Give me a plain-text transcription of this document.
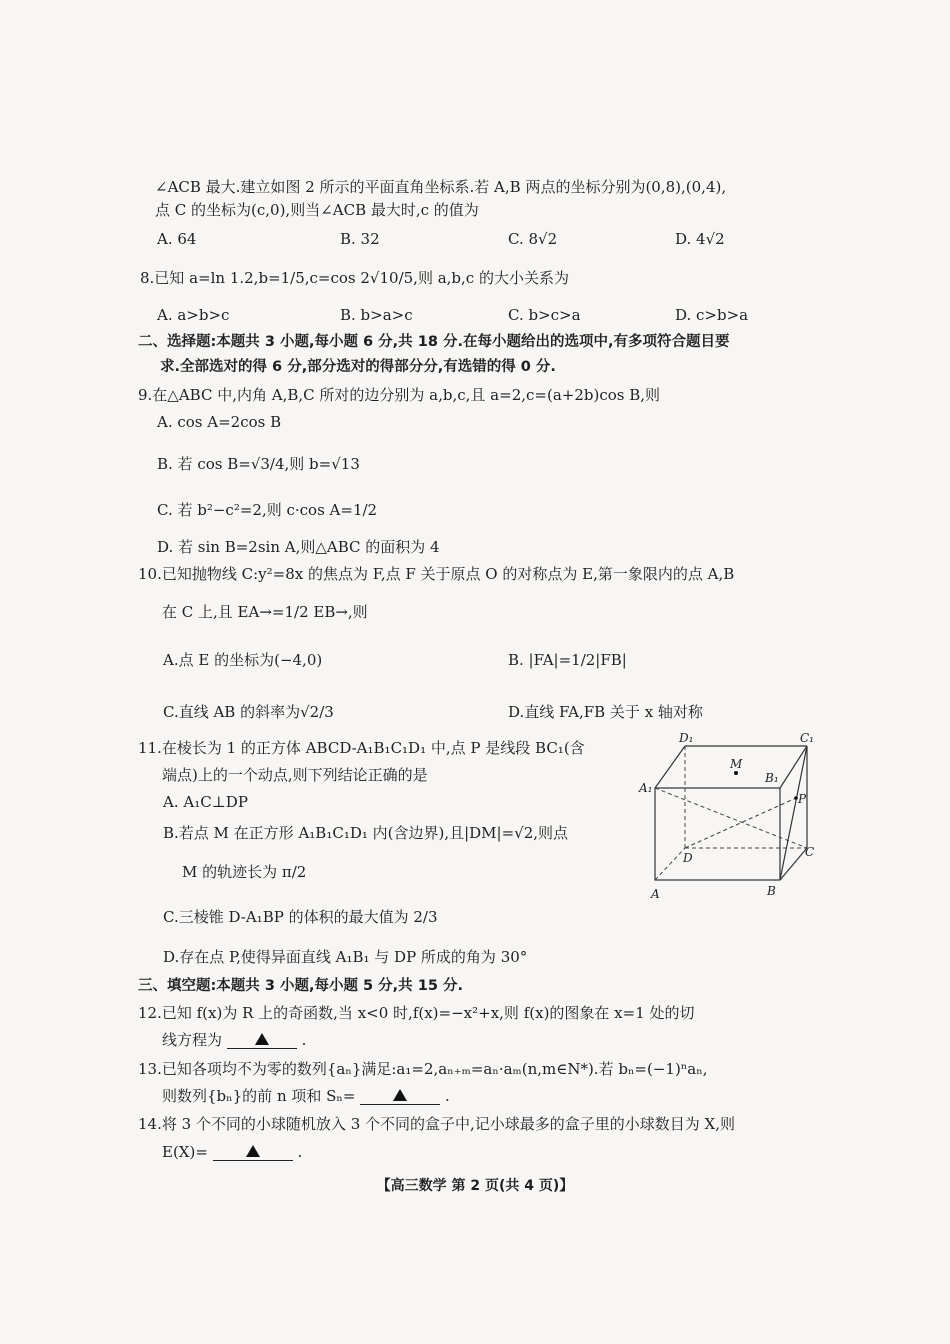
∠ACB 最大.建立如图 2 所示的平面直角坐标系.若 A,B 两点的坐标分别为(0,8),(0,4),
点 C 的坐标为(c,0),则当∠ACB 最大时,c 的值为
A. 64	B. 32	C. 8√2	D. 4√2
8.已知 a=ln 1.2,b=1/5,c=cos 2√10/5,则 a,b,c 的大小关系为
A. a>b>c	B. b>a>c	C. b>c>a	D. c>b>a
二、选择题:本题共 3 小题,每小题 6 分,共 18 分.在每小题给出的选项中,有多项符合题目要
求.全部选对的得 6 分,部分选对的得部分分,有选错的得 0 分.
9.在△ABC 中,内角 A,B,C 所对的边分别为 a,b,c,且 a=2,c=(a+2b)cos B,则
A. cos A=2cos B
B. 若 cos B=√3/4,则 b=√13
C. 若 b²−c²=2,则 c·cos A=1/2
D. 若 sin B=2sin A,则△ABC 的面积为 4
10.已知抛物线 C:y²=8x 的焦点为 F,点 F 关于原点 O 的对称点为 E,第一象限内的点 A,B
在 C 上,且 EA→=1/2 EB→,则
A.点 E 的坐标为(−4,0)	B. |FA|=1/2|FB|
C.直线 AB 的斜率为√2/3	D.直线 FA,FB 关于 x 轴对称
11.在棱长为 1 的正方体 ABCD-A₁B₁C₁D₁ 中,点 P 是线段 BC₁(含
端点)上的一个动点,则下列结论正确的是
A. A₁C⊥DP
B.若点 M 在正方形 A₁B₁C₁D₁ 内(含边界),且|DM|=√2,则点
M 的轨迹长为 π/2
C.三棱锥 D-A₁BP 的体积的最大值为 2/3
D.存在点 P,使得异面直线 A₁B₁ 与 DP 所成的角为 30°
D₁	C₁
M
B₁
A₁
P
D	C
A	B
三、填空题:本题共 3 小题,每小题 5 分,共 15 分.
12.已知 f(x)为 R 上的奇函数,当 x<0 时,f(x)=−x²+x,则 f(x)的图象在 x=1 处的切
线方程为	.
13.已知各项均不为零的数列{aₙ}满足:a₁=2,aₙ₊ₘ=aₙ·aₘ(n,m∈N*).若 bₙ=(−1)ⁿaₙ,
则数列{bₙ}的前 n 项和 Sₙ=	.
14.将 3 个不同的小球随机放入 3 个不同的盒子中,记小球最多的盒子里的小球数目为 X,则
E(X)=	.
【高三数学 第 2 页(共 4 页)】
